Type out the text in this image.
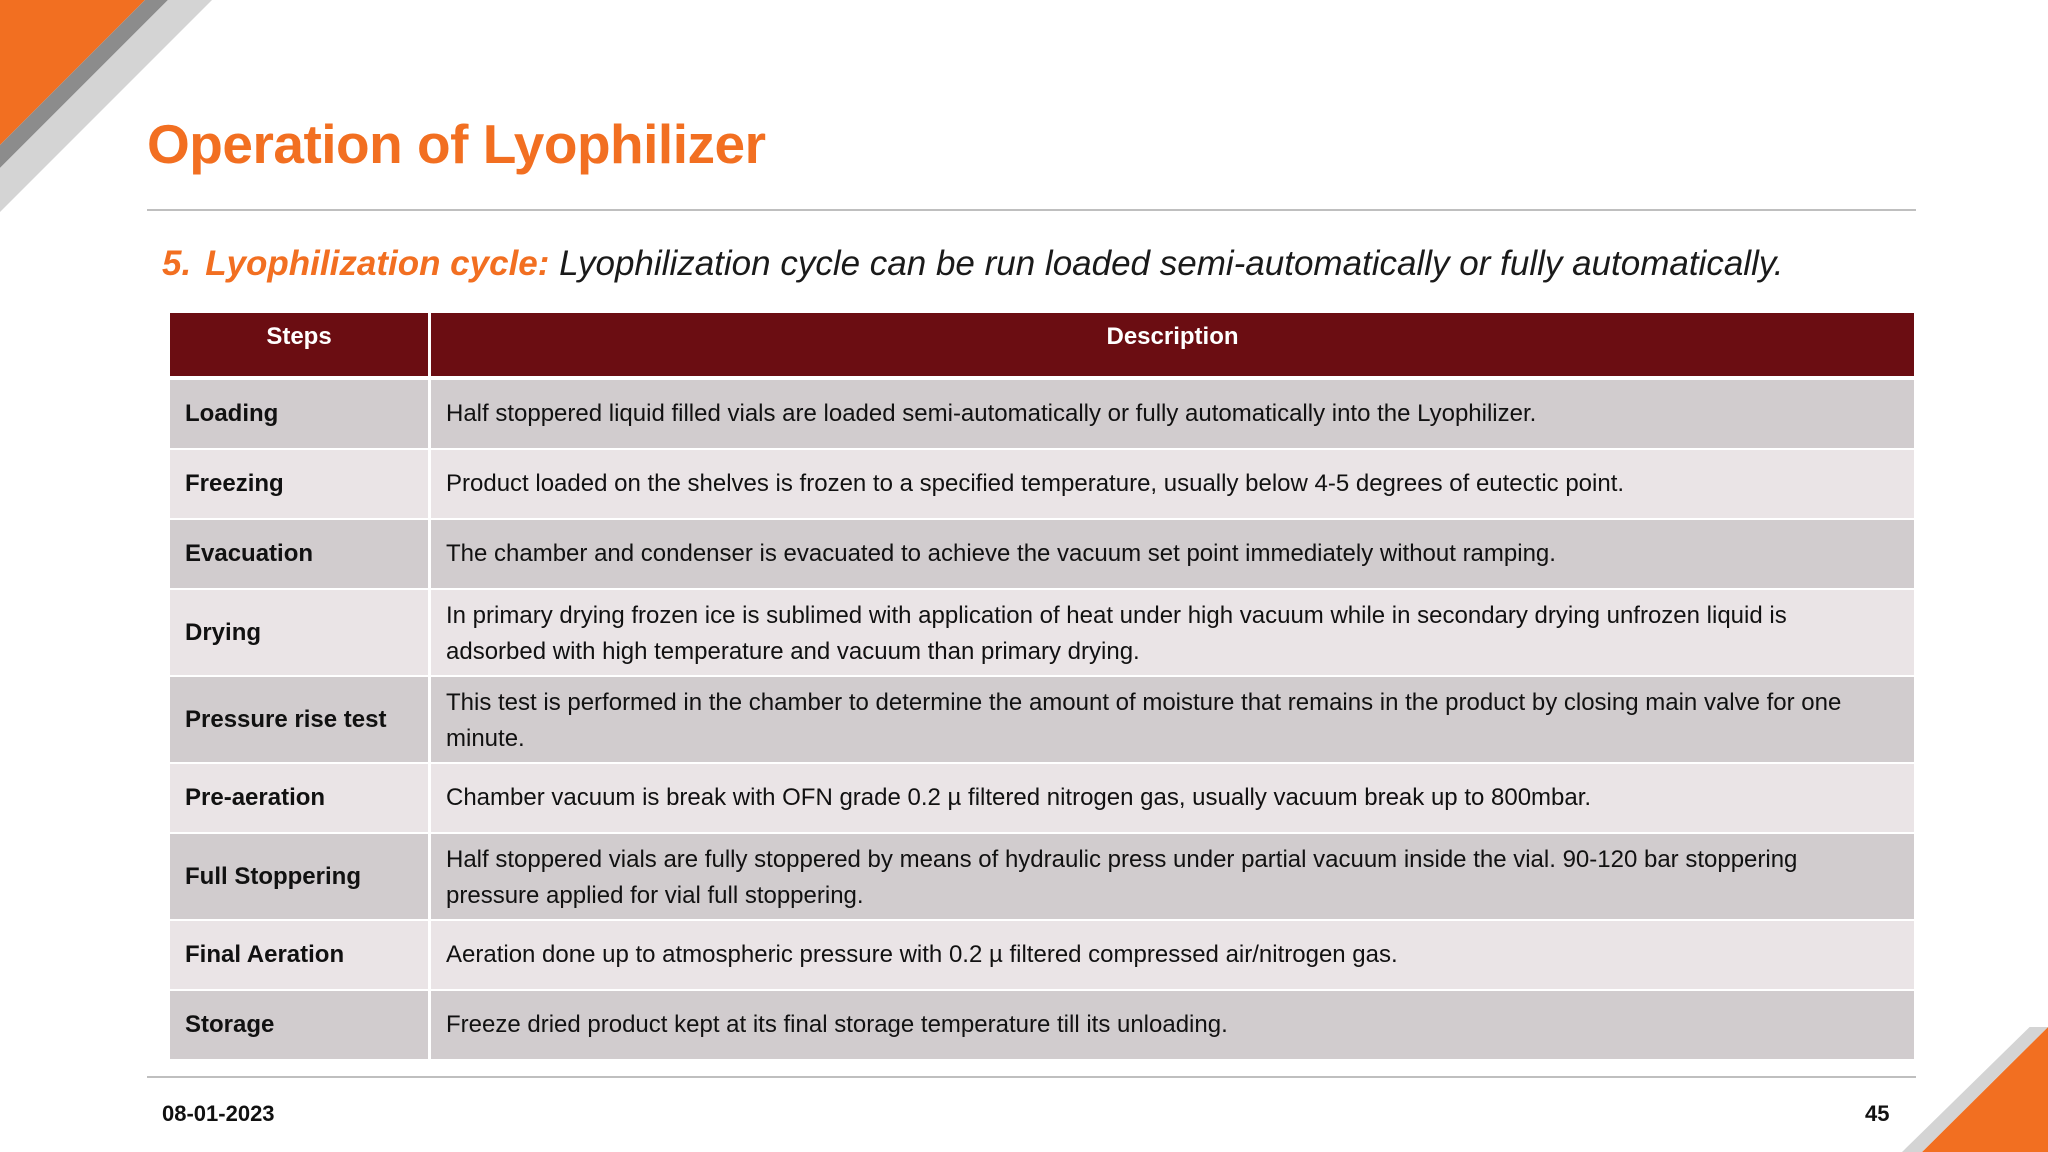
Operation of Lyophilizer
5. Lyophilization cycle: Lyophilization cycle can be run loaded semi-automatically or fully automatically.
Steps	Description
Loading	Half stoppered liquid filled vials are loaded semi-automatically or fully automatically into the Lyophilizer.
Freezing	Product loaded on the shelves is frozen to a specified temperature, usually below 4-5 degrees of eutectic point.
Evacuation	The chamber and condenser is evacuated to achieve the vacuum set point immediately without ramping.
Drying	In primary drying frozen ice is sublimed with application of heat under high vacuum while in secondary drying unfrozen liquid is adsorbed with high temperature and vacuum than primary drying.
Pressure rise test	This test is performed in the chamber to determine the amount of moisture that remains in the product by closing main valve for one minute.
Pre-aeration	Chamber vacuum is break with OFN grade 0.2 µ filtered nitrogen gas, usually vacuum break up to 800mbar.
Full Stoppering	Half stoppered vials are fully stoppered by means of hydraulic press under partial vacuum inside the vial. 90-120 bar stoppering pressure applied for vial full stoppering.
Final Aeration	Aeration done up to atmospheric pressure with 0.2 µ filtered compressed air/nitrogen gas.
Storage	Freeze dried product kept at its final storage temperature till its unloading.
08-01-2023	45
